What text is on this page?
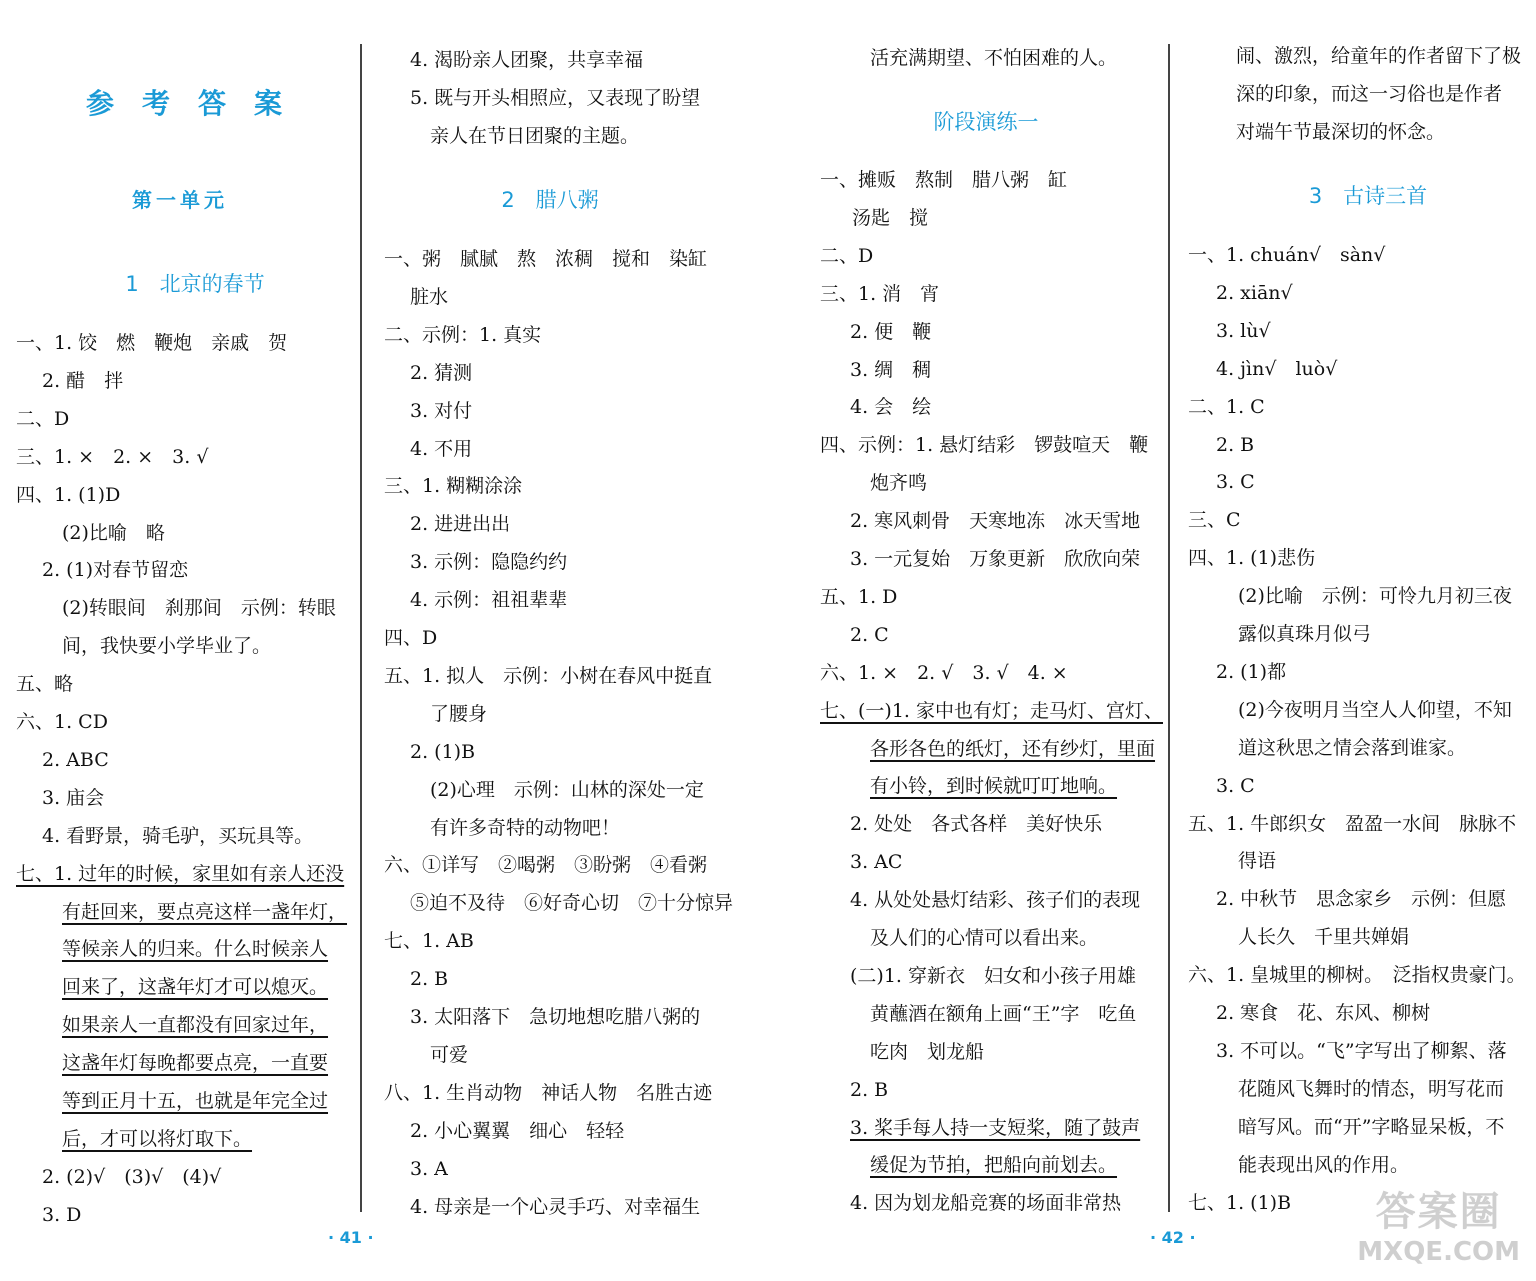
参考答案
第一单元
1　北京的春节
一、1. 饺　燃　鞭炮　亲戚　贺
2. 醋　拌
二、D
三、1. ×　2. ×　3. √
四、1. (1)D
(2)比喻　略
2. (1)对春节留恋
(2)转眼间　刹那间　示例：转眼
间，我快要小学毕业了。
五、略
六、1. CD
2. ABC
3. 庙会
4. 看野景，骑毛驴，买玩具等。
七、1. 过年的时候，家里如有亲人还没
有赶回来，要点亮这样一盏年灯，
等候亲人的归来。什么时候亲人
回来了，这盏年灯才可以熄灭。
如果亲人一直都没有回家过年，
这盏年灯每晚都要点亮，一直要
等到正月十五，也就是年完全过
后，才可以将灯取下。
2. (2)√　(3)√　(4)√
3. D
4. 渴盼亲人团聚，共享幸福
5. 既与开头相照应，又表现了盼望
亲人在节日团聚的主题。
2　腊八粥
一、粥　腻腻　熬　浓稠　搅和　染缸
脏水
二、示例：1. 真实
2. 猜测
3. 对付
4. 不用
三、1. 糊糊涂涂
2. 进进出出
3. 示例：隐隐约约
4. 示例：祖祖辈辈
四、D
五、1. 拟人　示例：小树在春风中挺直
了腰身
2. (1)B
(2)心理　示例：山林的深处一定
有许多奇特的动物吧！
六、①详写　②喝粥　③盼粥　④看粥
⑤迫不及待　⑥好奇心切　⑦十分惊异
七、1. AB
2. B
3. 太阳落下　急切地想吃腊八粥的
可爱
八、1. 生肖动物　神话人物　名胜古迹
2. 小心翼翼　细心　轻轻
3. A
4. 母亲是一个心灵手巧、对幸福生
活充满期望、不怕困难的人。
阶段演练一
一、摊贩　熬制　腊八粥　缸
汤匙　搅
二、D
三、1. 消　宵
2. 便　鞭
3. 绸　稠
4. 会　绘
四、示例：1. 悬灯结彩　锣鼓喧天　鞭
炮齐鸣
2. 寒风刺骨　天寒地冻　冰天雪地
3. 一元复始　万象更新　欣欣向荣
五、1. D
2. C
六、1. ×　2. √　3. √　4. ×
七、(一)1. 家中也有灯；走马灯、宫灯、
各形各色的纸灯，还有纱灯，里面
有小铃，到时候就叮叮地响。
2. 处处　各式各样　美好快乐
3. AC
4. 从处处悬灯结彩、孩子们的表现
及人们的心情可以看出来。
(二)1. 穿新衣　妇女和小孩子用雄
黄蘸酒在额角上画“王”字　吃鱼
吃肉　划龙船
2. B
3. 桨手每人持一支短桨，随了鼓声
缓促为节拍，把船向前划去。
4. 因为划龙船竞赛的场面非常热
闹、激烈，给童年的作者留下了极
深的印象，而这一习俗也是作者
对端午节最深切的怀念。
3　古诗三首
一、1. chuán√　sàn√
2. xiān√
3. lù√
4. jìn√　luò√
二、1. C
2. B
3. C
三、C
四、1. (1)悲伤
(2)比喻　示例：可怜九月初三夜
露似真珠月似弓
2. (1)都
(2)今夜明月当空人人仰望，不知
道这秋思之情会落到谁家。
3. C
五、1. 牛郎织女　盈盈一水间　脉脉不
得语
2. 中秋节　思念家乡　示例：但愿
人长久　千里共婵娟
六、1. 皇城里的柳树。　泛指权贵豪门。
2. 寒食　花、东风、柳树
3. 不可以。“飞”字写出了柳絮、落
花随风飞舞时的情态，明写花而
暗写风。而“开”字略显呆板，不
能表现出风的作用。
七、1. (1)B
· 41 ·	· 42 ·
答案圈
MXQE.COM
